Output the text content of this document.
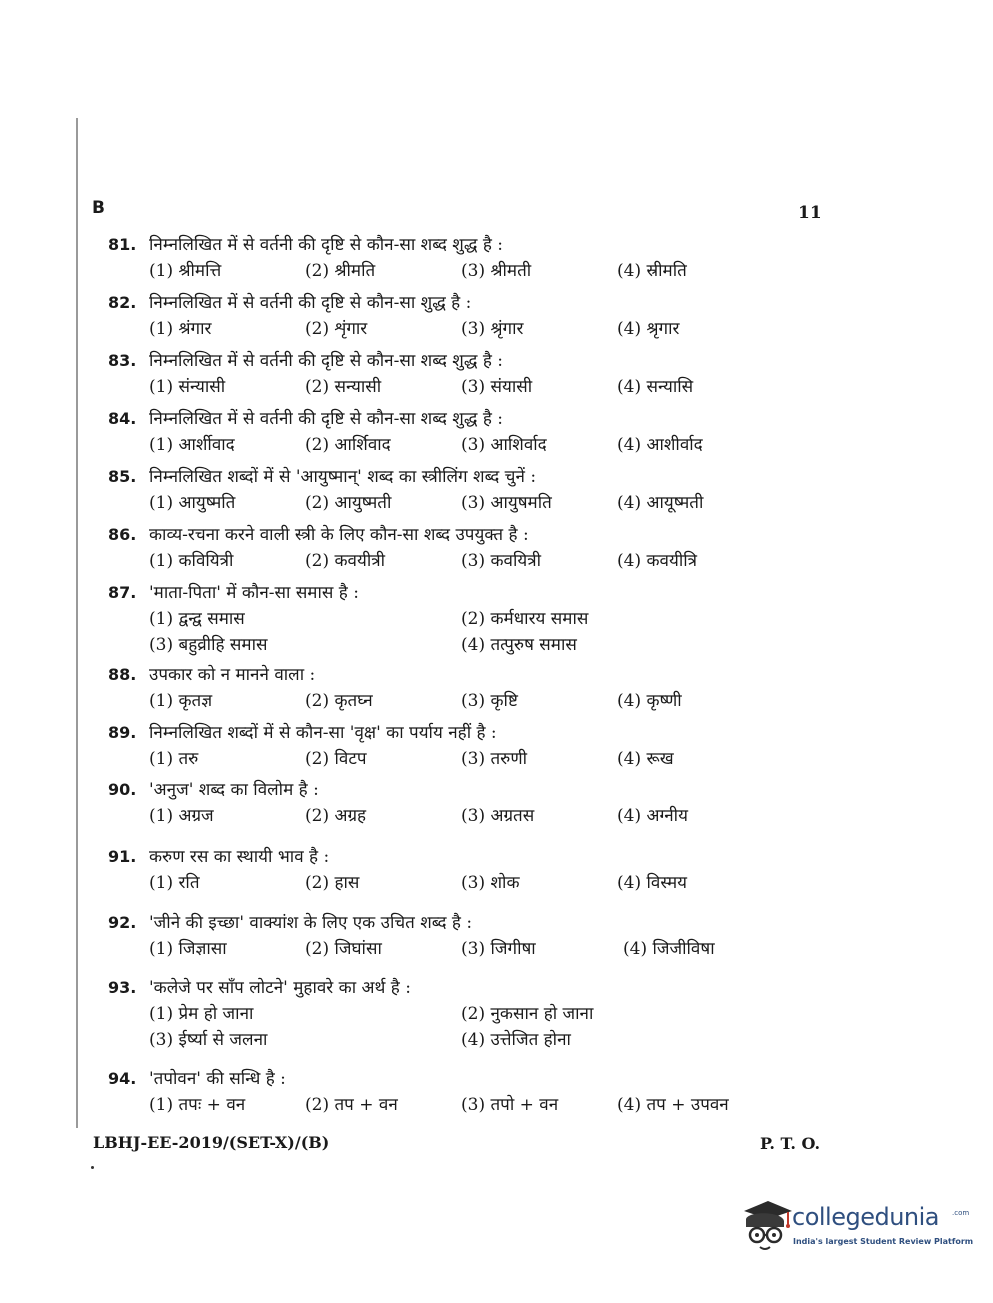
B	11
81. निम्नलिखित में से वर्तनी की दृष्टि से कौन-सा शब्द शुद्ध है :
(1) श्रीमत्ति	(2) श्रीमति	(3) श्रीमती	(4) स्रीमति
82. निम्नलिखित में से वर्तनी की दृष्टि से कौन-सा शुद्ध है :
(1) श्रंगार	(2) शृंगार	(3) श्रृंगार	(4) श्रृगार
83. निम्नलिखित में से वर्तनी की दृष्टि से कौन-सा शब्द शुद्ध है :
(1) संन्यासी	(2) सन्यासी	(3) संयासी	(4) सन्यासि
84. निम्नलिखित में से वर्तनी की दृष्टि से कौन-सा शब्द शुद्ध है :
(1) आर्शीवाद	(2) आर्शिवाद	(3) आशिर्वाद	(4) आशीर्वाद
85. निम्नलिखित शब्दों में से 'आयुष्मान्' शब्द का स्त्रीलिंग शब्द चुनें :
(1) आयुष्मति	(2) आयुष्मती	(3) आयुषमति	(4) आयूष्मती
86. काव्य-रचना करने वाली स्त्री के लिए कौन-सा शब्द उपयुक्त है :
(1) कवियित्री	(2) कवयीत्री	(3) कवयित्री	(4) कवयीत्रि
87. 'माता-पिता' में कौन-सा समास है :
(1) द्वन्द्व समास	(2) कर्मधारय समास
(3) बहुव्रीहि समास	(4) तत्पुरुष समास
88. उपकार को न मानने वाला :
(1) कृतज्ञ	(2) कृतघ्न	(3) कृष्टि	(4) कृष्णी
89. निम्नलिखित शब्दों में से कौन-सा 'वृक्ष' का पर्याय नहीं है :
(1) तरु	(2) विटप	(3) तरुणी	(4) रूख
90. 'अनुज' शब्द का विलोम है :
(1) अग्रज	(2) अग्रह	(3) अग्रतस	(4) अग्नीय
91. करुण रस का स्थायी भाव है :
(1) रति	(2) हास	(3) शोक	(4) विस्मय
92. 'जीने की इच्छा' वाक्यांश के लिए एक उचित शब्द है :
(1) जिज्ञासा	(2) जिघांसा	(3) जिगीषा	(4) जिजीविषा
93. 'कलेजे पर साँप लोटने' मुहावरे का अर्थ है :
(1) प्रेम हो जाना	(2) नुकसान हो जाना
(3) ईर्ष्या से जलना	(4) उत्तेजित होना
94. 'तपोवन' की सन्धि है :
(1) तपः + वन	(2) तप + वन	(3) तपो + वन	(4) तप + उपवन
LBHJ-EE-2019/(SET-X)/(B)	P. T. O.
collegedunia .com
India's largest Student Review Platform
